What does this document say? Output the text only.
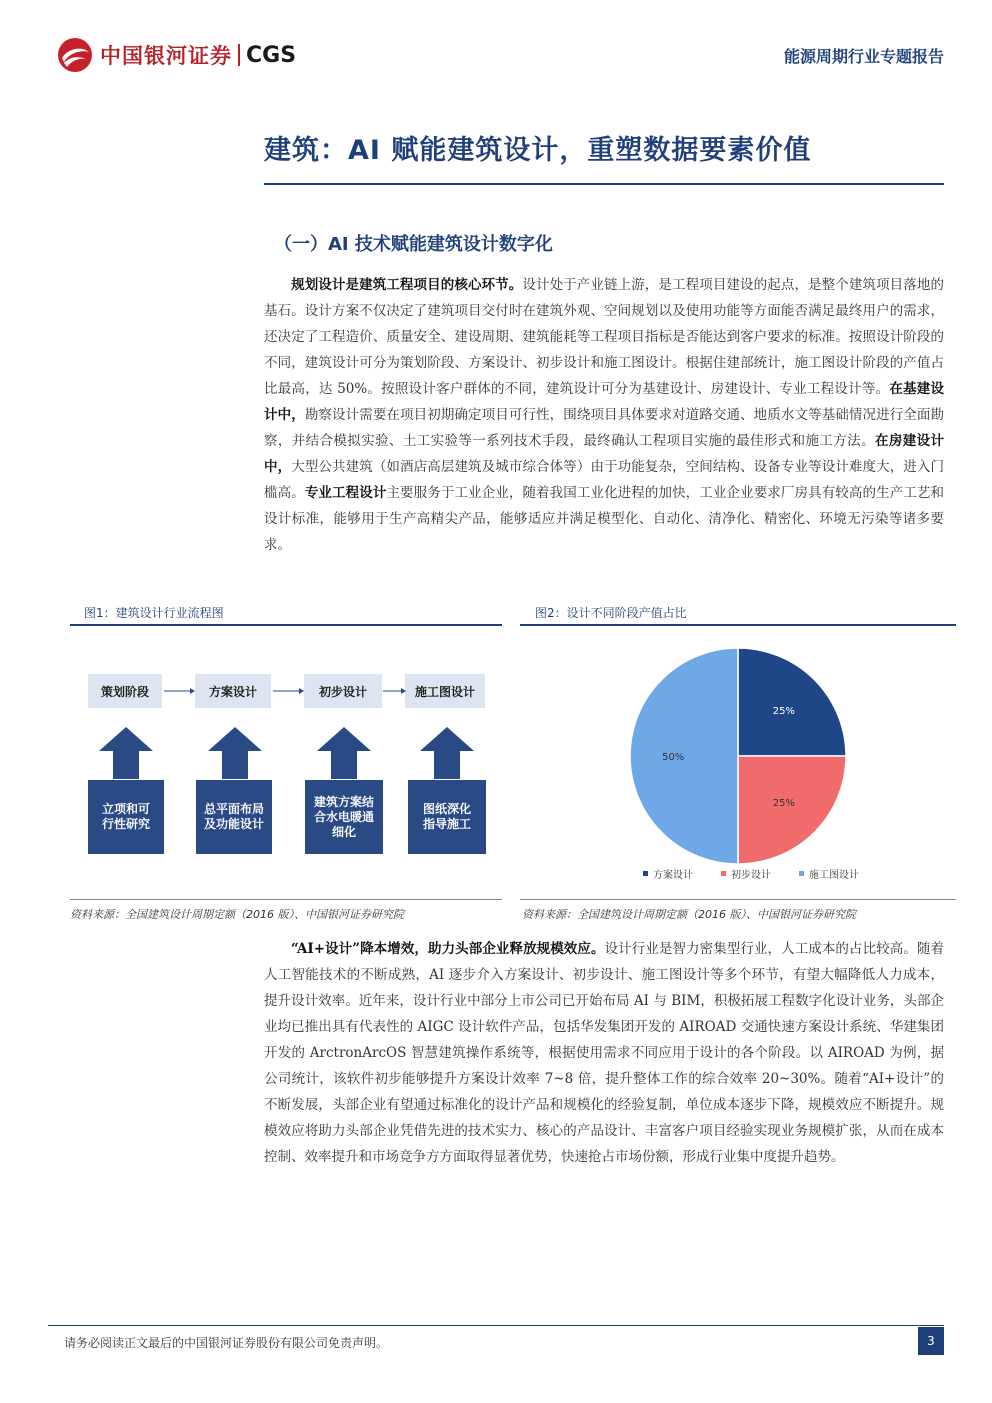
中国银河证券 CGS	能源周期行业专题报告
建筑：AI 赋能建筑设计，重塑数据要素价值
（一）AI 技术赋能建筑设计数字化
规划设计是建筑工程项目的核心环节。设计处于产业链上游，是工程项目建设的起点，是整个建筑项目落地的基石。设计方案不仅决定了建筑项目交付时在建筑外观、空间规划以及使用功能等方面能否满足最终用户的需求，还决定了工程造价、质量安全、建设周期、建筑能耗等工程项目指标是否能达到客户要求的标准。按照设计阶段的不同，建筑设计可分为策划阶段、方案设计、初步设计和施工图设计。根据住建部统计，施工图设计阶段的产值占比最高，达 50%。按照设计客户群体的不同，建筑设计可分为基建设计、房建设计、专业工程设计等。在基建设计中，勘察设计需要在项目初期确定项目可行性，围绕项目具体要求对道路交通、地质水文等基础情况进行全面勘察，并结合模拟实验、土工实验等一系列技术手段，最终确认工程项目实施的最佳形式和施工方法。在房建设计中，大型公共建筑（如酒店高层建筑及城市综合体等）由于功能复杂，空间结构、设备专业等设计难度大，进入门槛高。专业工程设计主要服务于工业企业，随着我国工业化进程的加快，工业企业要求厂房具有较高的生产工艺和设计标准，能够用于生产高精尖产品，能够适应并满足模型化、自动化、清净化、精密化、环境无污染等诸多要求。
图1：建筑设计行业流程图
策划阶段	方案设计	初步设计	施工图设计
立项和可行性研究
总平面布局及功能设计
建筑方案结合水电暖通细化
图纸深化指导施工
资料来源：全国建筑设计周期定额（2016 版）、中国银河证券研究院
图2：设计不同阶段产值占比
25%
25%
50%
方案设计	初步设计	施工图设计
资料来源：全国建筑设计周期定额（2016 版）、中国银河证券研究院
“AI+设计”降本增效，助力头部企业释放规模效应。设计行业是智力密集型行业，人工成本的占比较高。随着人工智能技术的不断成熟，AI 逐步介入方案设计、初步设计、施工图设计等多个环节，有望大幅降低人力成本，提升设计效率。近年来，设计行业中部分上市公司已开始布局 AI 与 BIM，积极拓展工程数字化设计业务，头部企业均已推出具有代表性的 AIGC 设计软件产品，包括华发集团开发的 AIROAD 交通快速方案设计系统、华建集团开发的 ArctronArcOS 智慧建筑操作系统等，根据使用需求不同应用于设计的各个阶段。以 AIROAD 为例，据公司统计，该软件初步能够提升方案设计效率 7~8 倍，提升整体工作的综合效率 20~30%。随着“AI+设计”的不断发展，头部企业有望通过标准化的设计产品和规模化的经验复制，单位成本逐步下降，规模效应不断提升。规模效应将助力头部企业凭借先进的技术实力、核心的产品设计、丰富客户项目经验实现业务规模扩张，从而在成本控制、效率提升和市场竞争方方面取得显著优势，快速抢占市场份额，形成行业集中度提升趋势。
请务必阅读正文最后的中国银河证券股份有限公司免责声明。	3
